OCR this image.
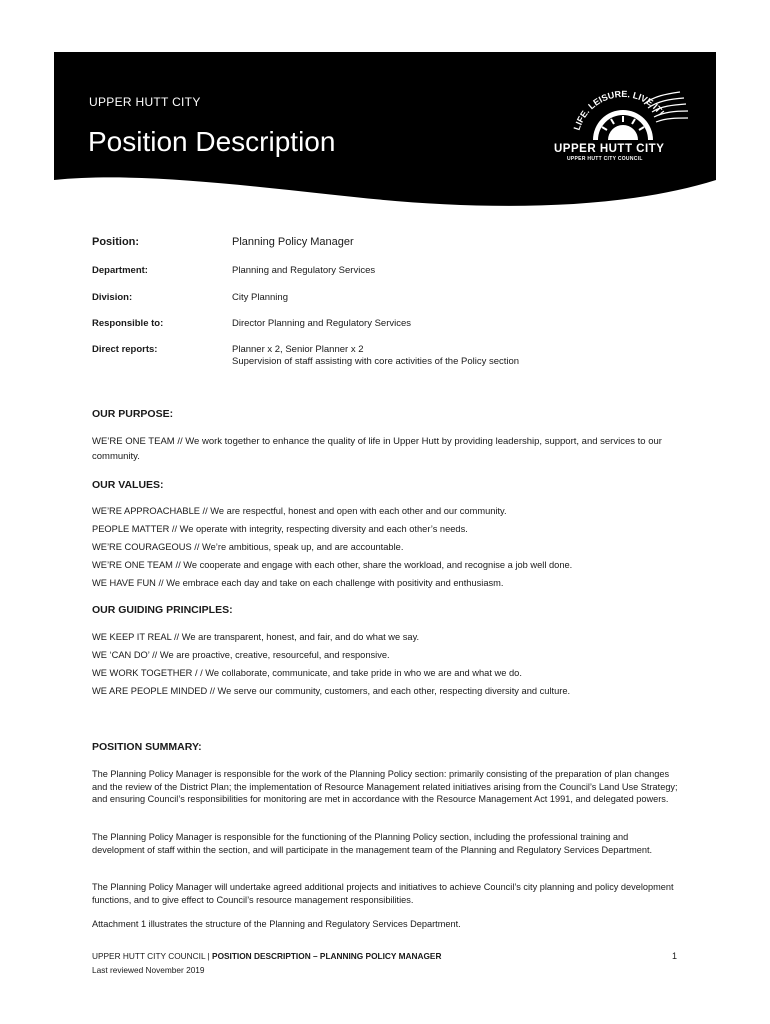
UPPER HUTT CITY
Position Description	LIFE. LEISURE. LIVE IT!
UPPER HUTT CITY
UPPER HUTT CITY COUNCIL
Position:	Planning Policy Manager
Department:	Planning and Regulatory Services
Division:	City Planning
Responsible to:	Director Planning and Regulatory Services
Direct reports:	Planner x 2, Senior Planner x 2
Supervision of staff assisting with core activities of the Policy section
OUR PURPOSE:
WE’RE ONE TEAM // We work together to enhance the quality of life in Upper Hutt by providing leadership, support, and services to our community.
OUR VALUES:
WE’RE APPROACHABLE // We are respectful, honest and open with each other and our community.
PEOPLE MATTER // We operate with integrity, respecting diversity and each other’s needs.
WE’RE COURAGEOUS // We’re ambitious, speak up, and are accountable.
WE’RE ONE TEAM // We cooperate and engage with each other, share the workload, and recognise a job well done.
WE HAVE FUN // We embrace each day and take on each challenge with positivity and enthusiasm.
OUR GUIDING PRINCIPLES:
WE KEEP IT REAL // We are transparent, honest, and fair, and do what we say.
WE ‘CAN DO’ // We are proactive, creative, resourceful, and responsive.
WE WORK TOGETHER / / We collaborate, communicate, and take pride in who we are and what we do.
WE ARE PEOPLE MINDED // We serve our community, customers, and each other, respecting diversity and culture.
POSITION SUMMARY:
The Planning Policy Manager is responsible for the work of the Planning Policy section: primarily consisting of the preparation of plan changes and the review of the District Plan; the implementation of Resource Management related initiatives arising from the Council’s Land Use Strategy; and ensuring Council’s responsibilities for monitoring are met in accordance with the Resource Management Act 1991, and delegated powers.
The Planning Policy Manager is responsible for the functioning of the Planning Policy section, including the professional training and development of staff within the section, and will participate in the management team of the Planning and Regulatory Services Department.
The Planning Policy Manager will undertake agreed additional projects and initiatives to achieve Council’s city planning and policy development functions, and to give effect to Council’s resource management responsibilities.
Attachment 1 illustrates the structure of the Planning and Regulatory Services Department.
UPPER HUTT CITY COUNCIL | POSITION DESCRIPTION – PLANNING POLICY MANAGER	1
Last reviewed November 2019
